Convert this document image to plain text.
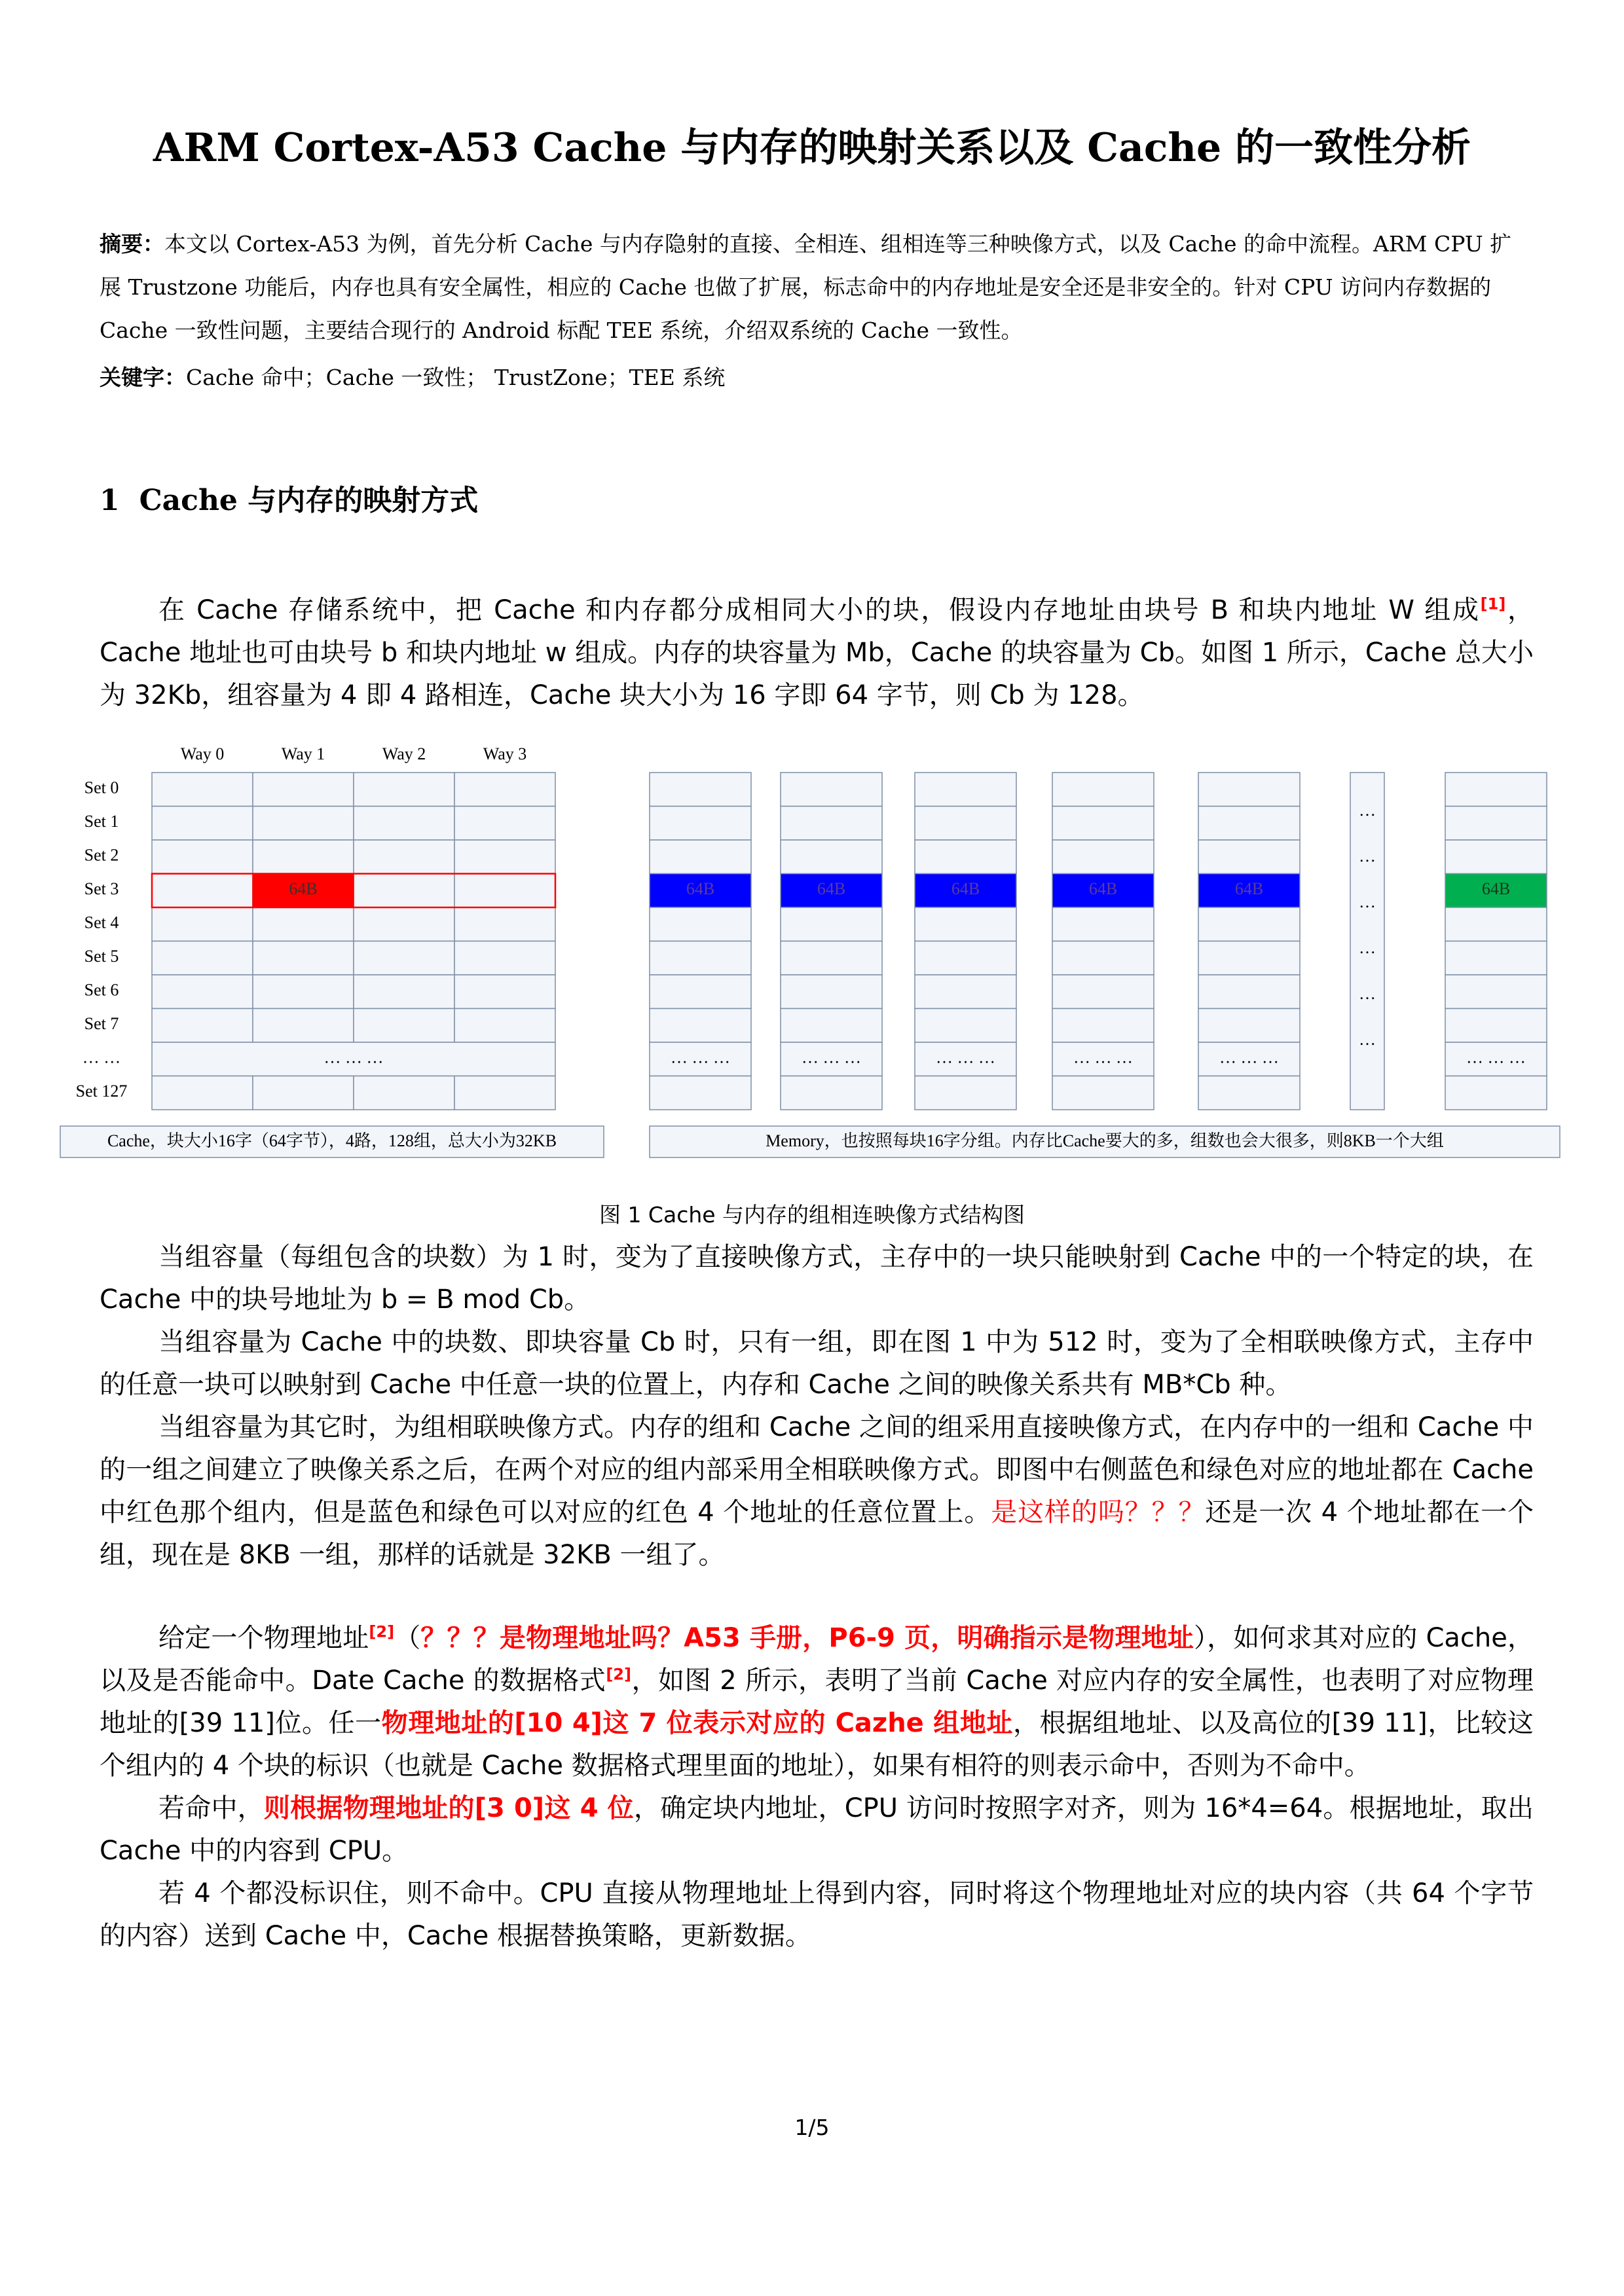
ARM Cortex-A53 Cache 与内存的映射关系以及 Cache 的一致性分析
摘要：本文以 Cortex-A53 为例，首先分析 Cache 与内存隐射的直接、全相连、组相连等三种映像方式，以及 Cache 的命中流程。ARM CPU 扩展 Trustzone 功能后，内存也具有安全属性，相应的 Cache 也做了扩展，标志命中的内存地址是安全还是非安全的。针对 CPU 访问内存数据的 Cache 一致性问题，主要结合现行的 Android 标配 TEE 系统，介绍双系统的 Cache 一致性。
关键字：Cache 命中；Cache 一致性； TrustZone；TEE 系统
1 Cache 与内存的映射方式

在 Cache 存储系统中，把 Cache 和内存都分成相同大小的块，假设内存地址由块号 B 和块内地址 W 组成[1]，Cache 地址也可由块号 b 和块内地址 w 组成。内存的块容量为 Mb，Cache 的块容量为 Cb。如图 1 所示，Cache 总大小为 32Kb，组容量为 4 即 4 路相连，Cache 块大小为 16 字即 64 字节，则 Cb 为 128。

Way 0	Way 1	Way 2	Way 3
Set 0
Set 1
Set 2
Set 3
Set 4
Set 5
Set 6
Set 7
… …	… … …
Set 127
64B
Cache，块大小16字（64字节），4路，128组，总大小为32KB
64B
… … …
64B
… … …
64B
… … …
64B
… … …
64B
… … …
…
…
…
…
…
…
64B
… … …
Memory，也按照每块16字分组。内存比Cache要大的多，组数也会大很多，则8KB一个大组
图 1 Cache 与内存的组相连映像方式结构图

当组容量（每组包含的块数）为 1 时，变为了直接映像方式，主存中的一块只能映射到 Cache 中的一个特定的块，在 Cache 中的块号地址为 b = B mod Cb。

当组容量为 Cache 中的块数、即块容量 Cb 时，只有一组，即在图 1 中为 512 时，变为了全相联映像方式，主存中的任意一块可以映射到 Cache 中任意一块的位置上，内存和 Cache 之间的映像关系共有 MB*Cb 种。

当组容量为其它时，为组相联映像方式。内存的组和 Cache 之间的组采用直接映像方式，在内存中的一组和 Cache 中的一组之间建立了映像关系之后，在两个对应的组内部采用全相联映像方式。即图中右侧蓝色和绿色对应的地址都在 Cache 中红色那个组内，但是蓝色和绿色可以对应的红色 4 个地址的任意位置上。是这样的吗？？？还是一次 4 个地址都在一个组，现在是 8KB 一组，那样的话就是 32KB 一组了。

给定一个物理地址[2]（？？？是物理地址吗？A53 手册，P6-9 页，明确指示是物理地址），如何求其对应的 Cache，以及是否能命中。Date Cache 的数据格式[2]，如图 2 所示，表明了当前 Cache 对应内存的安全属性，也表明了对应物理地址的[39 11]位。任一物理地址的[10 4]这 7 位表示对应的 Cazhe 组地址，根据组地址、以及高位的[39 11]，比较这个组内的 4 个块的标识（也就是 Cache 数据格式理里面的地址），如果有相符的则表示命中，否则为不命中。

若命中，则根据物理地址的[3 0]这 4 位，确定块内地址，CPU 访问时按照字对齐，则为 16*4=64。根据地址，取出 Cache 中的内容到 CPU。

若 4 个都没标识住，则不命中。CPU 直接从物理地址上得到内容，同时将这个物理地址对应的块内容（共 64 个字节的内容）送到 Cache 中，Cache 根据替换策略，更新数据。

1/5
